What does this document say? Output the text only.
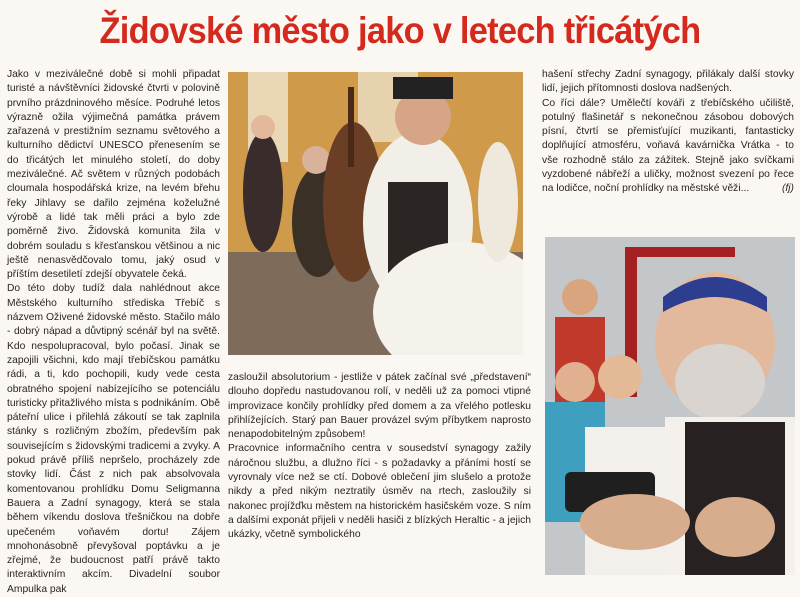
Židovské město jako v letech třicátých

Jako v meziválečné době si mohli připadat turisté a návštěvníci židovské čtvrti v polovině prvního prázdninového měsíce. Podruhé letos výrazně ožila výjimečná památka právem zařazená v prestižním seznamu světového a kulturního dědictví UNESCO přenesením se do třicátých let minulého století, do doby meziválečné. Ač světem v různých podobách cloumala hospodářská krize, na levém břehu řeky Jihlavy se dařilo zejména koželužné výrobě a lidé tak měli práci a bylo zde poměrně živo. Židovská komunita žila v dobrém souladu s křesťanskou většinou a nic ještě nenasvědčovalo tomu, jaký osud v příštím desetiletí zdejší obyvatele čeká.

Do této doby tudíž dala nahlédnout akce Městského kulturního střediska Třebíč s názvem Oživené židovské město. Stačilo málo - dobrý nápad a důvtipný scénář byl na světě. Kdo nespolupracoval, bylo počasí. Jinak se zapojili všichni, kdo mají třebíčskou památku rádi, a ti, kdo pochopili, kudy vede cesta obratného spojení nabízejícího se potenciálu turisticky přitažlivého místa s podnikáním. Obě páteřní ulice i přilehlá zákoutí se tak zaplnila stánky s rozličným zbožím, především pak souvisejícím s židovskými tradicemi a zvyky. A pokud právě příliš nepršelo, procházely zde stovky lidí. Část z nich pak absolvovala komentovanou prohlídku Domu Seligmanna Bauera a Zadní synagogy, která se stala během víkendu doslova třešničkou na dobře upečeném voňavém dortu! Zájem mnohonásobně převyšoval poptávku a je zřejmé, že budoucnost patří právě takto interaktivním akcím. Divadelní soubor Ampulka pak

zasloužil absolutorium - jestliže v pátek začínal své „představení“ dlouho dopředu nastudovanou rolí, v neděli už za pomoci vtipné improvizace končily prohlídky před domem a za vřelého potlesku přihlížejících. Starý pan Bauer provázel svým příbytkem naprosto nenapodobitelným způsobem!

Pracovnice informačního centra v sousedství synagogy zažily náročnou službu, a dlužno říci - s požadavky a přáními hostí se vyrovnaly více než se ctí. Dobové oblečení jim slušelo a protože nikdy a před nikým neztratily úsměv na rtech, zasloužily si nakonec projížďku městem na historickém hasičském voze. S ním a dalšími exponát přijeli v neděli hasiči z blízkých Heraltic - a jejich ukázky, včetně symbolického

hašení střechy Zadní synagogy, přilákaly další stovky lidí, jejich přítomnosti doslova nadšených.

Co říci dále? Umělečtí kováři z třebíčského učiliště, potulný flašinetář s nekonečnou zásobou dobových písní, čtvrtí se přemisťující muzikanti, fantasticky doplňující atmosféru, voňavá kavárnička Vrátka - to vše rozhodně stálo za zážitek. Stejně jako svíčkami vyzdobené nábřeží a uličky, možnost svezení po řece na lodičce, noční prohlídky na městské věži...	(fj)
